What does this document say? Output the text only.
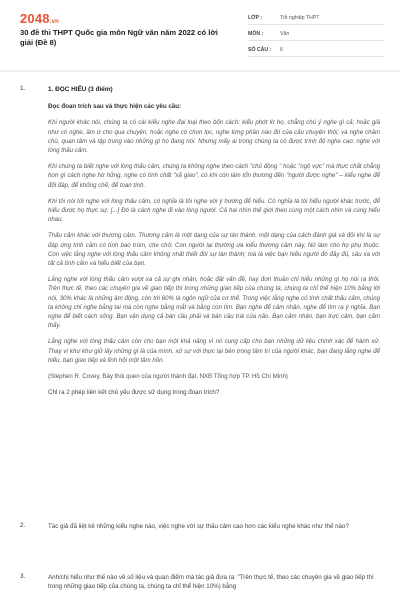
2048.vn
30 đề thi THPT Quốc gia môn Ngữ văn năm 2022 có lời giải (Đề 8)
LỚP :	Tốt nghiệp THPT
MÔN :	Văn
SỐ CÂU :	6
1.	1. ĐỌC HIỂU (3 điểm)
Đọc đoạn trích sau và thực hiện các yêu cầu:
Khi người khác nói, chúng ta có cái kiểu nghe đại loại theo bốn cách: kiểu phớt lờ họ, chẳng chú ý nghe gì cả; hoặc giả như có nghe, ầm ừ cho qua chuyện; hoặc nghe có chọn lọc, nghe từng phần nào đó của câu chuyện thôi; và nghe chăm chú, quan tâm và tập trung vào những gì họ đang nói. Nhưng mấy ai trong chúng ta có được trình độ nghe cao: nghe với lòng thấu cảm.
Khi chúng ta biết nghe với lòng thấu cảm, chúng ta không nghe theo cách "chủ động " hoặc "ngộ vực" mà thực chất chẳng hơn gì cách nghe hờ hững, nghe có tính chất "xã giao", có khi còn làm tổn thương đến "người được nghe" – kiểu nghe để đối đáp, để khống chế, để toan tính.
Khi tôi nói tới nghe với lòng thấu cảm, có nghĩa là tôi nghe với ý hướng để hiểu. Có nghĩa là tôi hiểu người khác trước, để hiểu được họ thực sự. [...] Đó là cách nghe đi vào lòng người. Cả hai nhìn thế giới theo cùng một cách nhìn và cùng hiểu nhau.
Thấu cảm khác với thương cảm. Thương cảm là một dạng của sự tán thành, một dạng của cách đánh giá và đôi khi là sự đáp ứng tình cảm có tính bao trùm, che chở. Con người lại thường ưa kiểu thương cảm này. Nó làm cho họ phụ thuộc. Còn việc lắng nghe với lòng thấu cảm không nhất thiết đòi sự tán thành; mà là việc bạn hiểu người đó đầy đủ, sâu xa với tất cả tình cảm và hiểu biết của bạn.
Lắng nghe với lòng thấu cảm vượt xa cả sự ghi nhận, hoặc đặt vấn đề, hay đơn thuần chỉ hiểu những gì họ nói ra thôi. Trên thực tế, theo các chuyên gia về giao tiếp thì trong những giao tiếp của chúng ta, chúng ta chỉ thể hiện 10% bằng lời nói, 30% khác là những âm động, còn tới 60% là ngôn ngữ của cơ thể. Trong việc lắng nghe có tính chất thấu cảm, chúng ta không chỉ nghe bằng tai mà còn nghe bằng mắt và bằng con tim. Bạn nghe để cảm nhận, nghe để tìm ra ý nghĩa. Bạn nghe để biết cách sống. Bạn vận dụng cả bán cầu phải và bán cầu trái của não. Bạn cảm nhận, bạn trực cảm, bạn cảm thấy.
Lắng nghe với lòng thấu cảm còn cho bạn một khả năng vì nó cung cấp cho bạn những dữ liệu chính xác để hành xử. Thay vì khư khư giữ lấy những gì là của mình, xử sự với thực tại bên trong tâm trí của người khác, bạn đang lắng nghe để hiểu, bạn giao tiếp và lĩnh hội một tâm hồn.
(Stephen R. Covey, Bảy thói quen của người thành đạt, NXB Tổng hợp TP. Hồ Chí Minh)
Chỉ ra 2 phép liên kết chủ yếu được sử dụng trong đoạn trích?
2.	Tác giả đã liệt kê những kiểu nghe nào, việc nghe với sự thấu cảm cao hơn các kiểu nghe khác như thế nào?
3.	Anh/chị hiểu như thế nào về số liệu và quan điểm mà tác giả đưa ra: "Trên thực tế, theo các chuyên gia về giao tiếp thì trong những giao tiếp của chúng ta, chúng ta chỉ thể hiện 10%) bằng
